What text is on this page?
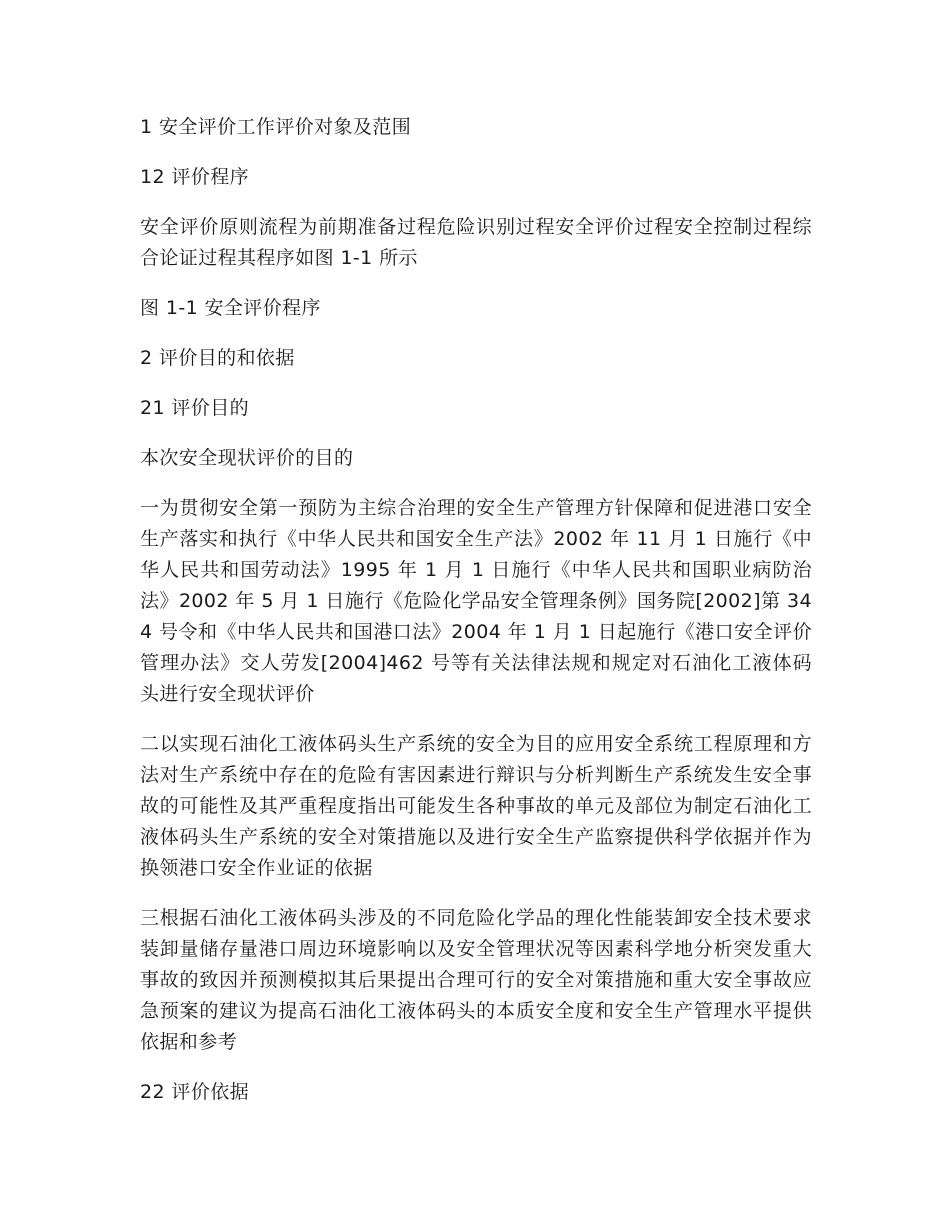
1 安全评价工作评价对象及范围

12 评价程序

安全评价原则流程为前期准备过程危险识别过程安全评价过程安全控制过程综合论证过程其程序如图 1-1 所示

图 1-1 安全评价程序

2 评价目的和依据

21 评价目的

本次安全现状评价的目的

一为贯彻安全第一预防为主综合治理的安全生产管理方针保障和促进港口安全生产落实和执行《中华人民共和国安全生产法》2002 年 11 月 1 日施行《中华人民共和国劳动法》1995 年 1 月 1 日施行《中华人民共和国职业病防治法》2002 年 5 月 1 日施行《危险化学品安全管理条例》国务院[2002]第 344 号令和《中华人民共和国港口法》2004 年 1 月 1 日起施行《港口安全评价管理办法》交人劳发[2004]462 号等有关法律法规和规定对石油化工液体码头进行安全现状评价

二以实现石油化工液体码头生产系统的安全为目的应用安全系统工程原理和方法对生产系统中存在的危险有害因素进行辩识与分析判断生产系统发生安全事故的可能性及其严重程度指出可能发生各种事故的单元及部位为制定石油化工液体码头生产系统的安全对策措施以及进行安全生产监察提供科学依据并作为换领港口安全作业证的依据

三根据石油化工液体码头涉及的不同危险化学品的理化性能装卸安全技术要求装卸量储存量港口周边环境影响以及安全管理状况等因素科学地分析突发重大事故的致因并预测模拟其后果提出合理可行的安全对策措施和重大安全事故应急预案的建议为提高石油化工液体码头的本质安全度和安全生产管理水平提供依据和参考

22 评价依据
